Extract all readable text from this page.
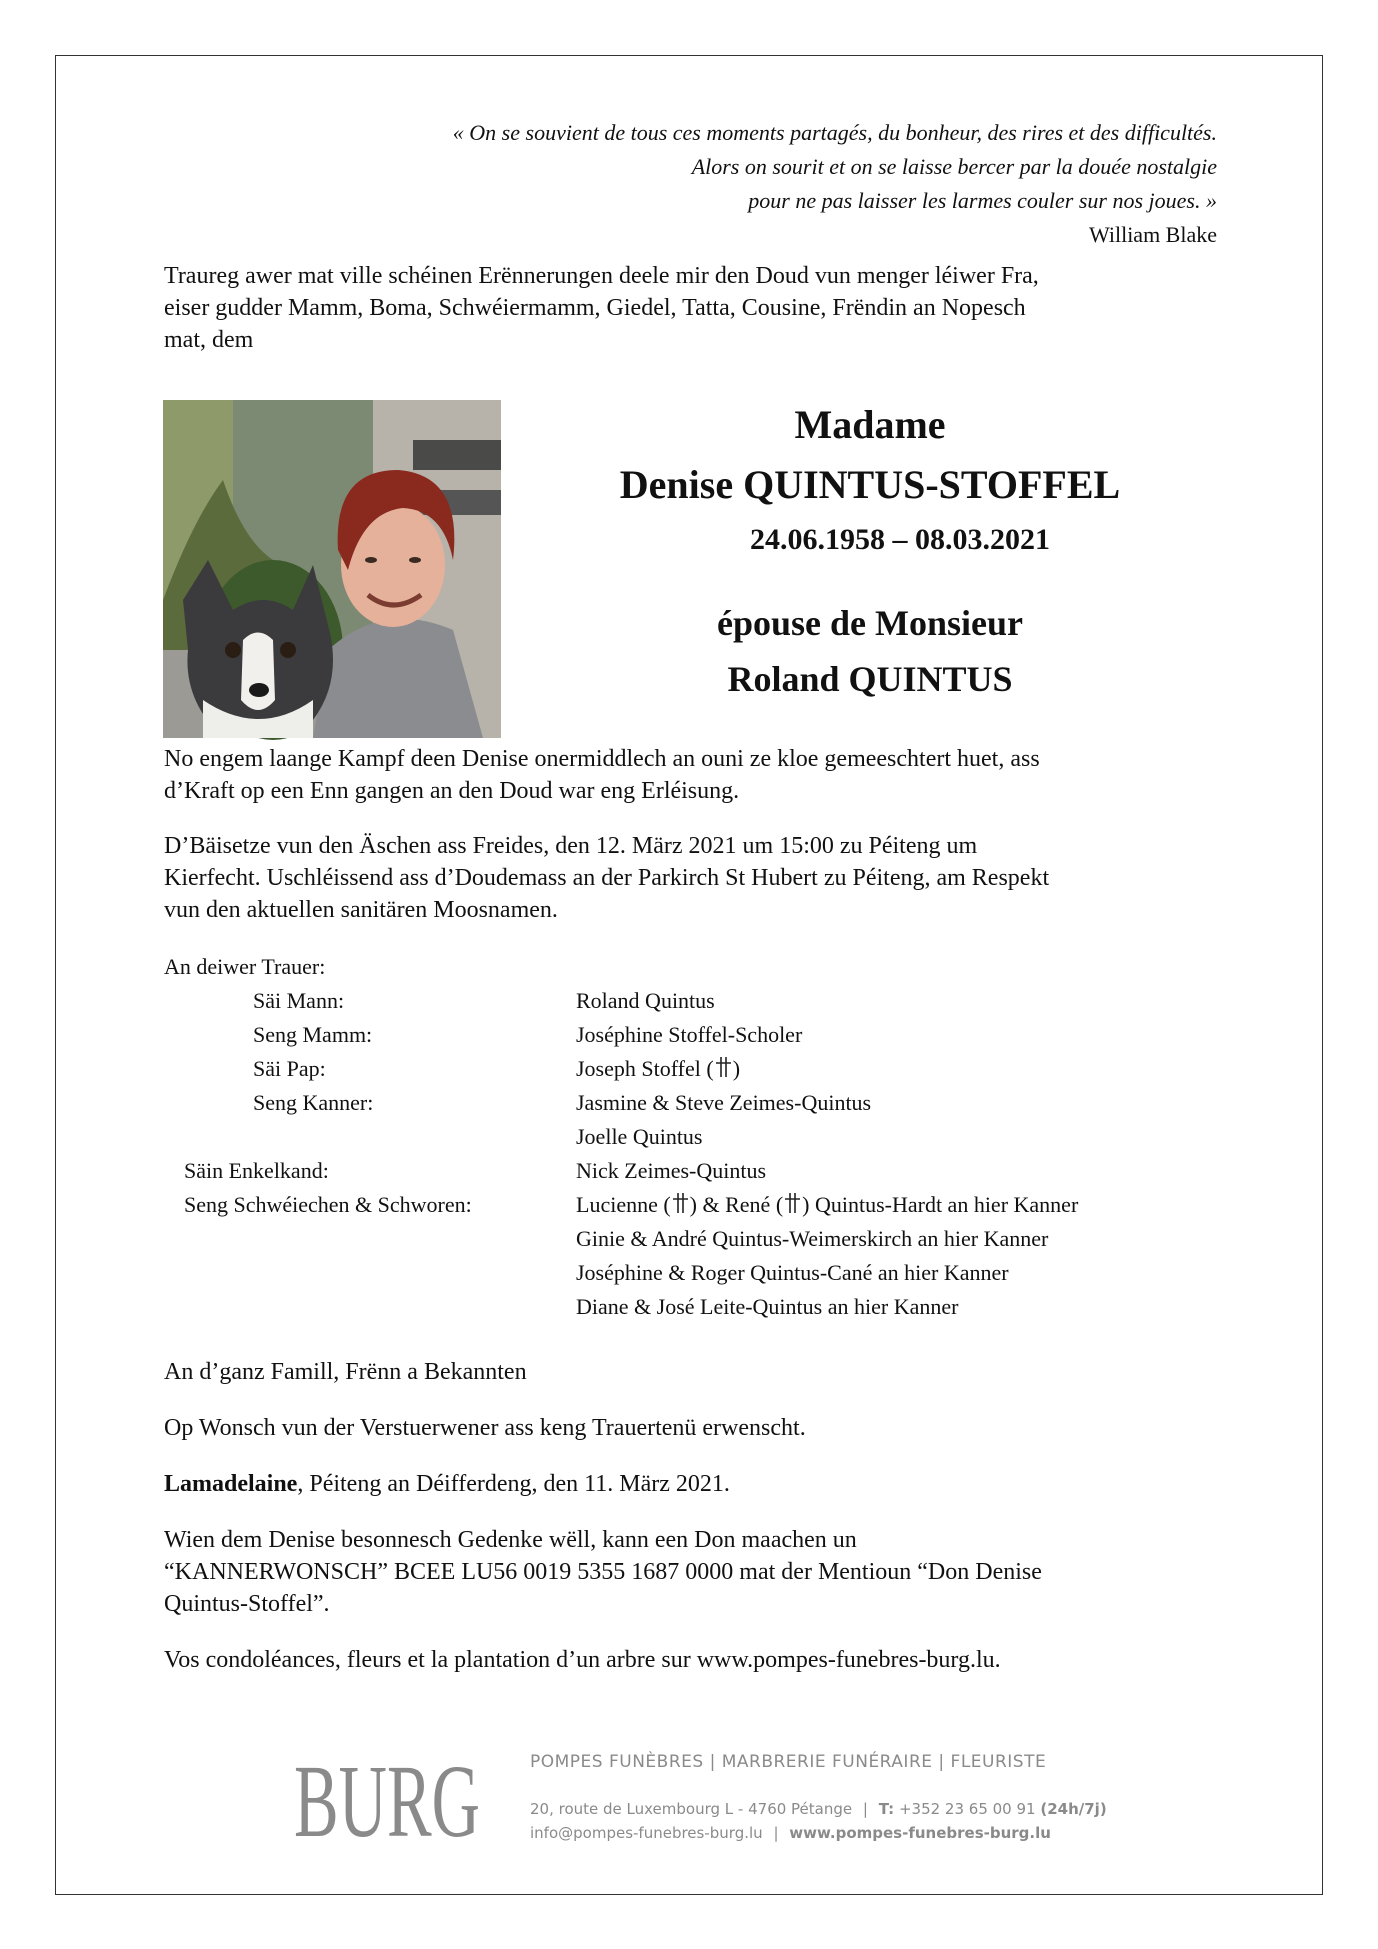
« On se souvient de tous ces moments partagés, du bonheur, des rires et des difficultés.
Alors on sourit et on se laisse bercer par la douée nostalgie
pour ne pas laisser les larmes couler sur nos joues. »
William Blake
Traureg awer mat ville schéinen Erënnerungen deele mir den Doud vun menger léiwer Fra,
eiser gudder Mamm, Boma, Schwéiermamm, Giedel, Tatta, Cousine, Frëndin an Nopesch
mat, dem
Madame
Denise QUINTUS-STOFFEL
24.06.1958 – 08.03.2021
épouse de Monsieur
Roland QUINTUS
No engem laange Kampf deen Denise onermiddlech an ouni ze kloe gemeeschtert huet, ass
d’Kraft op een Enn gangen an den Doud war eng Erléisung.
D’Bäisetze vun den Äschen ass Freides, den 12. März 2021 um 15:00 zu Péiteng um
Kierfecht. Uschléissend ass d’Doudemass an der Parkirch St Hubert zu Péiteng, am Respekt
vun den aktuellen sanitären Moosnamen.
An deiwer Trauer:
Säi Mann:	Roland Quintus
Seng Mamm:	Joséphine Stoffel-Scholer
Säi Pap:	Joseph Stoffel ( )
Seng Kanner:	Jasmine & Steve Zeimes-Quintus
Joelle Quintus
Säin Enkelkand:	Nick Zeimes-Quintus
Seng Schwéiechen & Schworen:	Lucienne ( ) & René ( ) Quintus-Hardt an hier Kanner
Ginie & André Quintus-Weimerskirch an hier Kanner
Joséphine & Roger Quintus-Cané an hier Kanner
Diane & José Leite-Quintus an hier Kanner
An d’ganz Famill, Frënn a Bekannten
Op Wonsch vun der Verstuerwener ass keng Trauertenü erwenscht.
Lamadelaine, Péiteng an Déifferdeng, den 11. März 2021.
Wien dem Denise besonnesch Gedenke wëll, kann een Don maachen un
“KANNERWONSCH” BCEE LU56 0019 5355 1687 0000 mat der Mentioun “Don Denise
Quintus-Stoffel”.
Vos condoléances, fleurs et la plantation d’un arbre sur www.pompes-funebres-burg.lu.
BURG	POMPES FUNÈBRES | MARBRERIE FUNÉRAIRE | FLEURISTE
20, route de Luxembourg L - 4760 Pétange | T: +352 23 65 00 91 (24h/7j)
info@pompes-funebres-burg.lu | www.pompes-funebres-burg.lu
